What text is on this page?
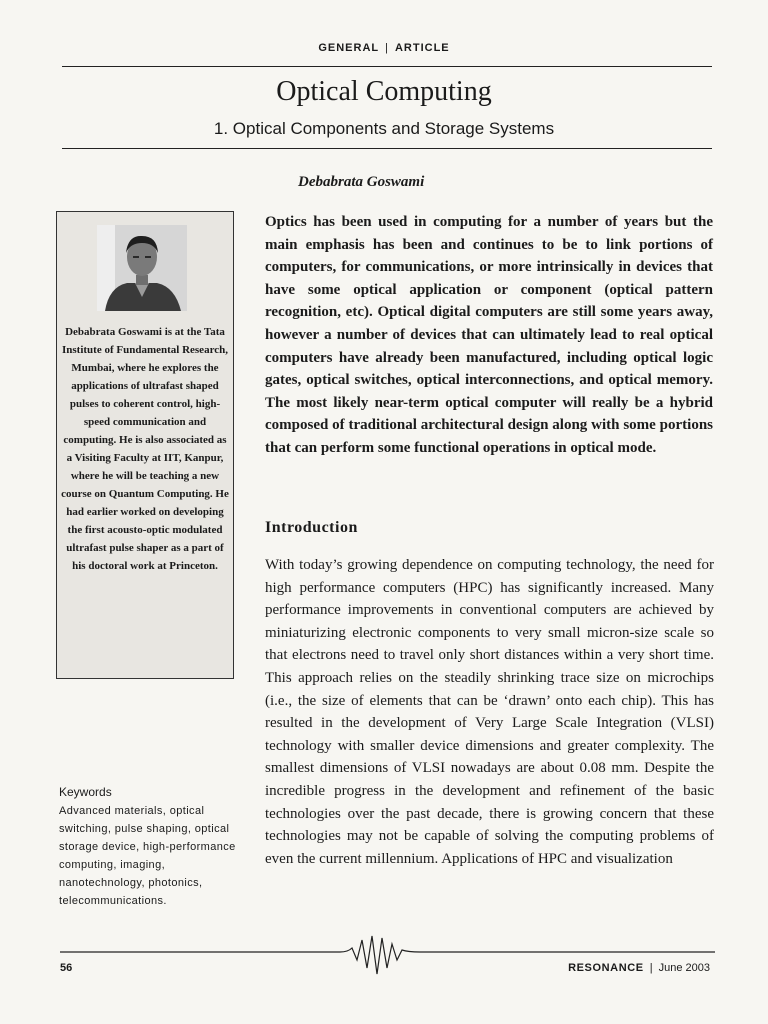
GENERAL | ARTICLE
Optical Computing
1. Optical Components and Storage Systems
Debabrata Goswami
Debabrata Goswami is at the Tata Institute of Fundamental Research, Mumbai, where he explores the applications of ultrafast shaped pulses to coherent control, high-speed communication and computing. He is also associated as a Visiting Faculty at IIT, Kanpur, where he will be teaching a new course on Quantum Computing. He had earlier worked on developing the first acousto-optic modulated ultrafast pulse shaper as a part of his doctoral work at Princeton.
Keywords
Advanced materials, optical switching, pulse shaping, optical storage device, high-performance computing, imaging, nanotechnology, photonics, telecommunications.

Optics has been used in computing for a number of years but the main emphasis has been and continues to be to link portions of computers, for communications, or more intrinsically in devices that have some optical application or component (optical pattern recognition, etc). Optical digital computers are still some years away, however a number of devices that can ultimately lead to real optical computers have already been manufactured, including optical logic gates, optical switches, optical interconnections, and optical memory. The most likely near-term optical computer will really be a hybrid composed of traditional architectural design along with some portions that can perform some functional operations in optical mode.

Introduction

With today’s growing dependence on computing technology, the need for high performance computers (HPC) has significantly increased. Many performance improvements in conventional computers are achieved by miniaturizing electronic components to very small micron-size scale so that electrons need to travel only short distances within a very short time. This approach relies on the steadily shrinking trace size on microchips (i.e., the size of elements that can be ‘drawn’ onto each chip). This has resulted in the development of Very Large Scale Integration (VLSI) technology with smaller device dimensions and greater complexity. The smallest dimensions of VLSI nowadays are about 0.08 mm. Despite the incredible progress in the development and refinement of the basic technologies over the past decade, there is growing concern that these technologies may not be capable of solving the computing problems of even the current millennium. Applications of HPC and visualization

56	RESONANCE | June 2003
